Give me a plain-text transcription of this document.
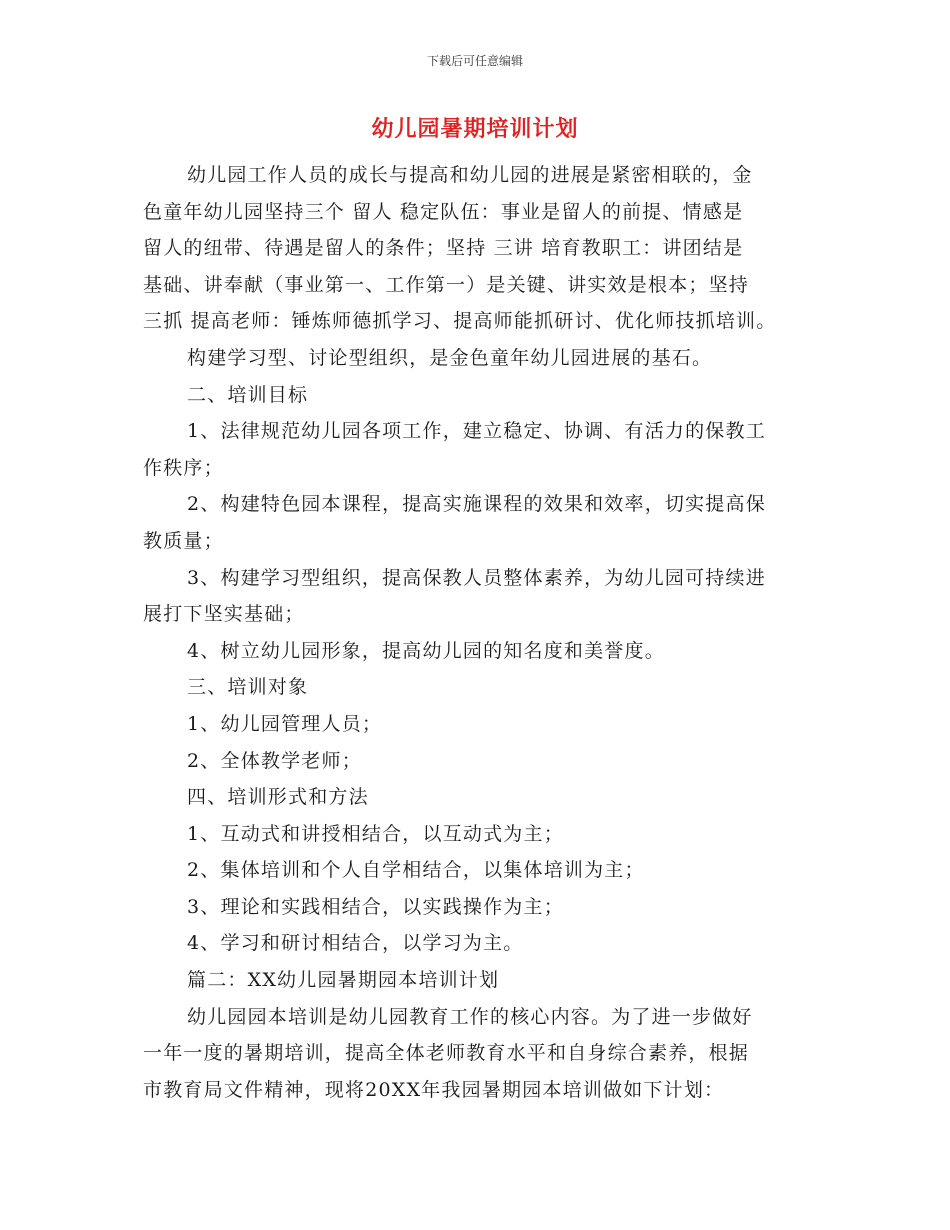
下载后可任意编辑
幼儿园暑期培训计划

幼儿园工作人员的成长与提高和幼儿园的进展是紧密相联的，金

色童年幼儿园坚持三个 留人 稳定队伍：事业是留人的前提、情感是

留人的纽带、待遇是留人的条件；坚持 三讲 培育教职工：讲团结是

基础、讲奉献（事业第一、工作第一）是关键、讲实效是根本；坚持

三抓 提高老师：锤炼师德抓学习、提高师能抓研讨、优化师技抓培训。

构建学习型、讨论型组织，是金色童年幼儿园进展的基石。

二、培训目标

1、法律规范幼儿园各项工作，建立稳定、协调、有活力的保教工

作秩序；

2、构建特色园本课程，提高实施课程的效果和效率，切实提高保

教质量；

3、构建学习型组织，提高保教人员整体素养，为幼儿园可持续进

展打下坚实基础；

4、树立幼儿园形象，提高幼儿园的知名度和美誉度。

三、培训对象

1、幼儿园管理人员；

2、全体教学老师；

四、培训形式和方法

1、互动式和讲授相结合，以互动式为主；

2、集体培训和个人自学相结合，以集体培训为主；

3、理论和实践相结合，以实践操作为主；

4、学习和研讨相结合，以学习为主。

篇二：XX幼儿园暑期园本培训计划

幼儿园园本培训是幼儿园教育工作的核心内容。为了进一步做好

一年一度的暑期培训，提高全体老师教育水平和自身综合素养，根据

市教育局文件精神，现将20XX年我园暑期园本培训做如下计划：
